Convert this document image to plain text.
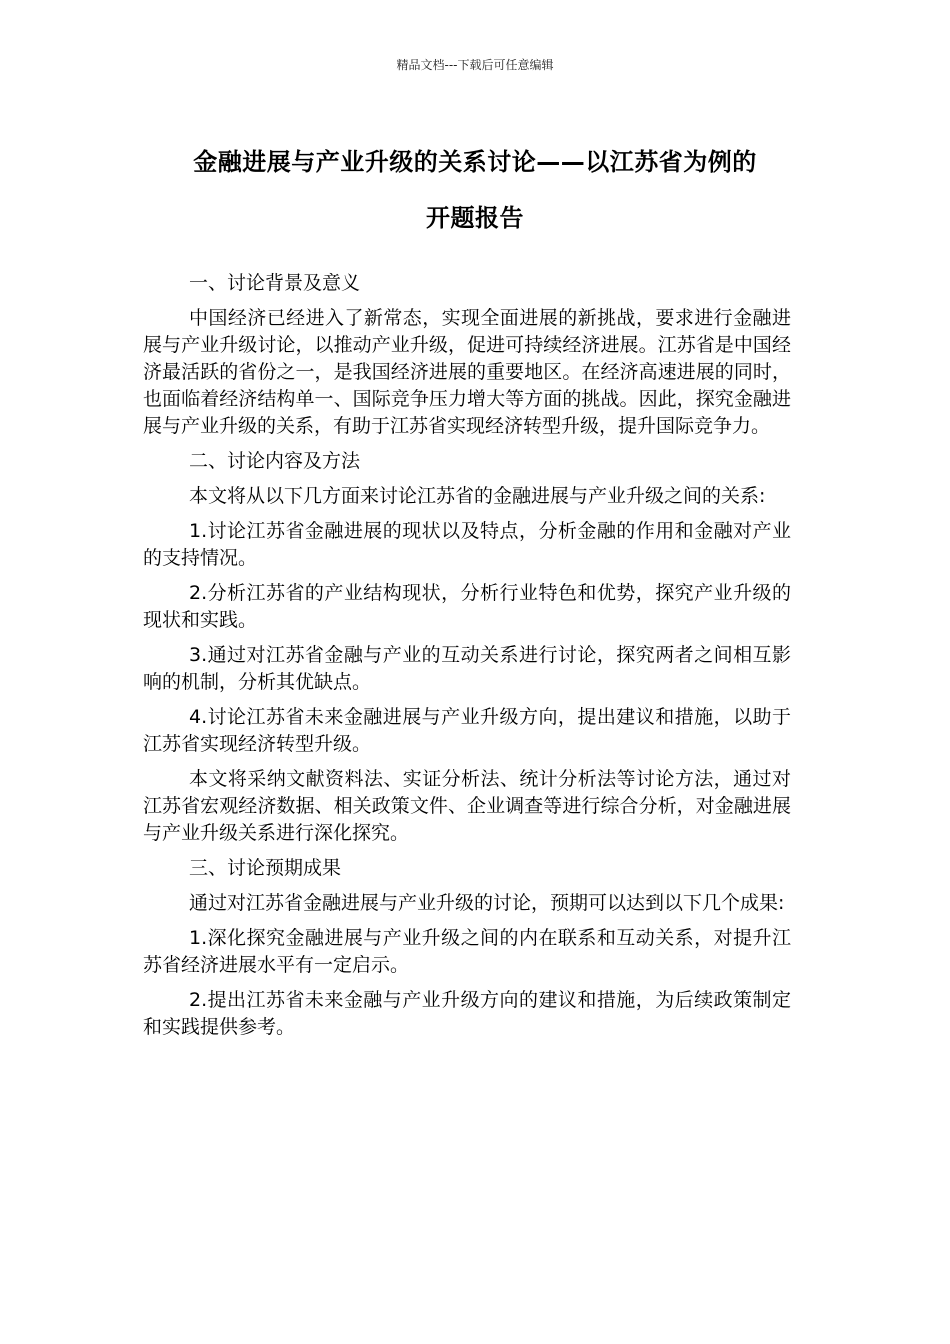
精品文档---下载后可任意编辑
金融进展与产业升级的关系讨论——以江苏省为例的
开题报告

一、讨论背景及意义

中国经济已经进入了新常态，实现全面进展的新挑战，要求进行金融进展与产业升级讨论，以推动产业升级，促进可持续经济进展。江苏省是中国经济最活跃的省份之一，是我国经济进展的重要地区。在经济高速进展的同时，也面临着经济结构单一、国际竞争压力增大等方面的挑战。因此，探究金融进展与产业升级的关系，有助于江苏省实现经济转型升级，提升国际竞争力。

二、讨论内容及方法

本文将从以下几方面来讨论江苏省的金融进展与产业升级之间的关系:

1.讨论江苏省金融进展的现状以及特点，分析金融的作用和金融对产业的支持情况。

2.分析江苏省的产业结构现状，分析行业特色和优势，探究产业升级的现状和实践。

3.通过对江苏省金融与产业的互动关系进行讨论，探究两者之间相互影响的机制，分析其优缺点。

4.讨论江苏省未来金融进展与产业升级方向，提出建议和措施，以助于江苏省实现经济转型升级。

本文将采纳文献资料法、实证分析法、统计分析法等讨论方法，通过对江苏省宏观经济数据、相关政策文件、企业调查等进行综合分析，对金融进展与产业升级关系进行深化探究。

三、讨论预期成果

通过对江苏省金融进展与产业升级的讨论，预期可以达到以下几个成果:

1.深化探究金融进展与产业升级之间的内在联系和互动关系，对提升江苏省经济进展水平有一定启示。

2.提出江苏省未来金融与产业升级方向的建议和措施，为后续政策制定和实践提供参考。
